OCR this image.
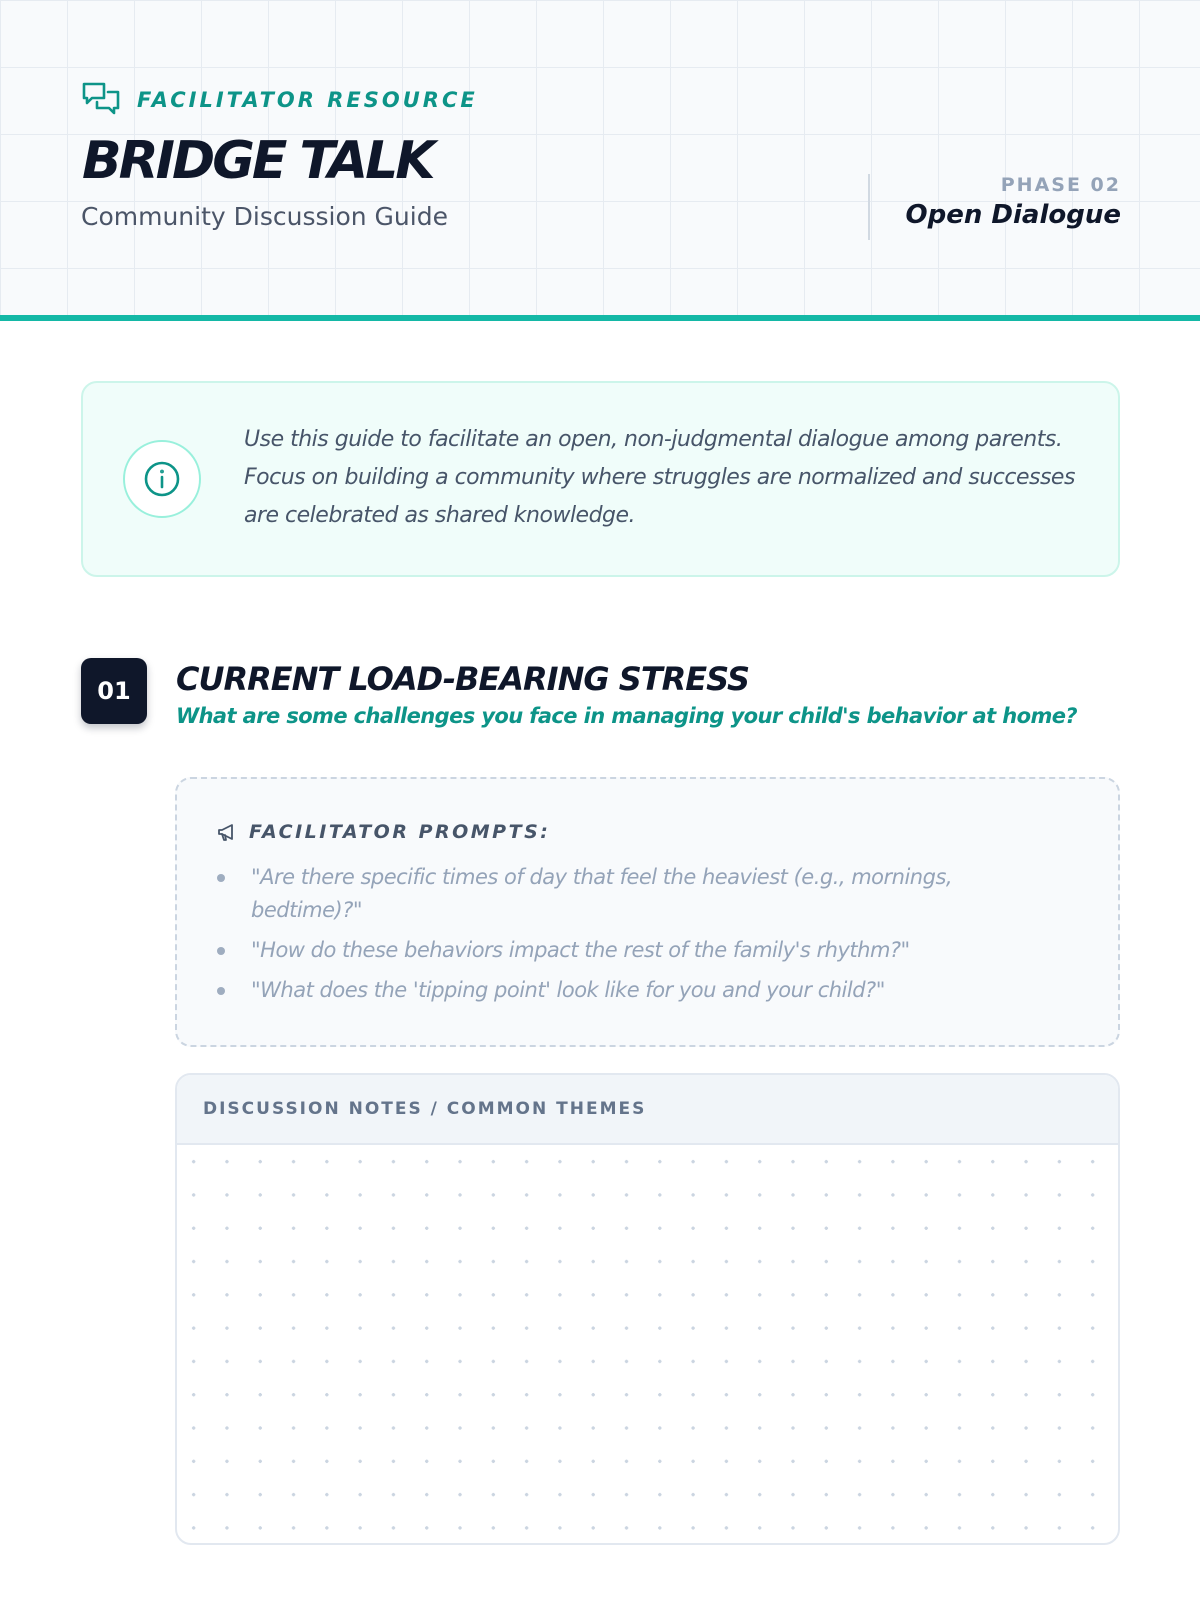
FACILITATOR RESOURCE
BRIDGE TALK
Community Discussion Guide
PHASE 02
Open Dialogue

Use this guide to facilitate an open, non-judgmental dialogue among parents. Focus on building a community where struggles are normalized and successes are celebrated as shared knowledge.

01	CURRENT LOAD-BEARING STRESS
What are some challenges you face in managing your child's behavior at home?
FACILITATOR PROMPTS:
"Are there specific times of day that feel the heaviest (e.g., mornings, bedtime)?"
"How do these behaviors impact the rest of the family's rhythm?"
"What does the 'tipping point' look like for you and your child?"
DISCUSSION NOTES / COMMON THEMES
